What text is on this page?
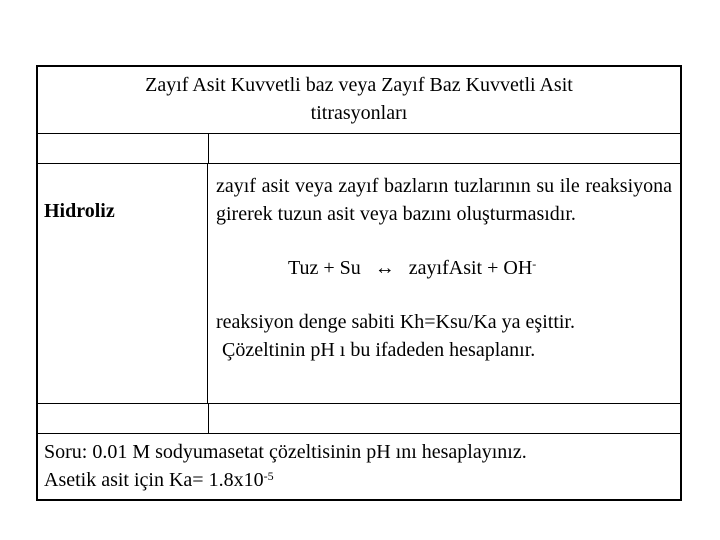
Zayıf Asit Kuvvetli baz veya Zayıf Baz Kuvvetli Asit
titrasyonları
Hidroliz

zayıf asit veya zayıf bazların tuzlarının su ile reaksiyona girerek tuzun asit veya bazını oluşturmasıdır.

Tuz + Su ↔ zayıfAsit + OH-
reaksiyon denge sabiti Kh=Ksu/Ka ya eşittir.
Çözeltinin pH ı bu ifadeden hesaplanır.
Soru: 0.01 M sodyumasetat çözeltisinin pH ını hesaplayınız.
Asetik asit için $Ka= 1.8x10^{-5}$
